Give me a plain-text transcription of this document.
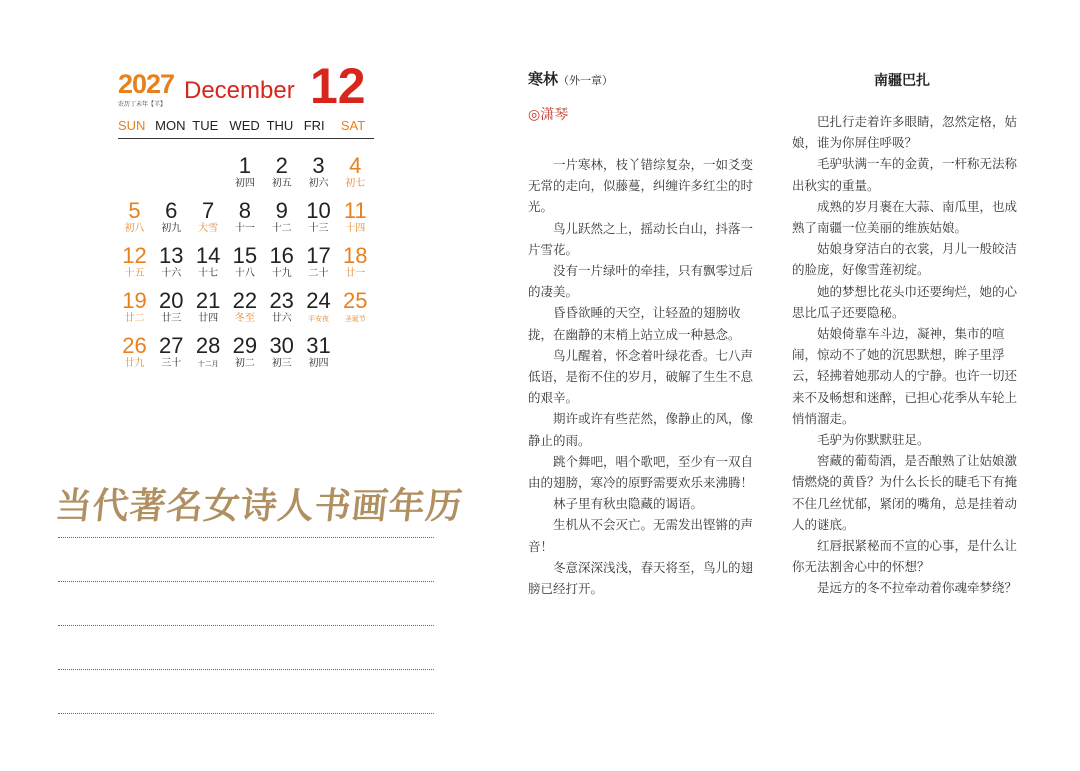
2027
农历丁未年【羊】
December 12
SUN MON TUE WED THU FRI	SAT
1
初四
2
初五
3
初六
4
初七
5
初八
6
初九
7
大雪
8
十一
9
十二
10
十三
11
十四
12
十五
13
十六
14
十七
15
十八
16
十九
17
二十
18
廿一
19
廿二
20
廿三
21
廿四
22
冬至
23
廿六
24
平安夜
25
圣诞节
26
廿九
27
三十
28
十二月
29
初二
30
初三
31
初四
当代著名女诗人书画年历
寒林（外一章）
◎潇琴

一片寒林，枝丫错综复杂，一如爻变无常的走向，似藤蔓，纠缠许多红尘的时光。

鸟儿跃然之上，摇动长白山，抖落一片雪花。

没有一片绿叶的牵挂，只有飘零过后的凄美。

昏昏欲睡的天空，让轻盈的翅膀收拢，在幽静的末梢上站立成一种悬念。

鸟儿醒着，怀念着叶绿花香。七八声低语，是衔不住的岁月，破解了生生不息的艰辛。

期许或许有些茫然，像静止的风，像静止的雨。

跳个舞吧，唱个歌吧，至少有一双自由的翅膀，寒冷的原野需要欢乐来沸腾！

林子里有秋虫隐藏的谒语。

生机从不会灭亡。无需发出铿锵的声音！

冬意深深浅浅，春天将至，鸟儿的翅膀已经打开。

南疆巴扎

巴扎行走着许多眼睛，忽然定格，姑娘，谁为你屏住呼吸？

毛驴驮满一车的金黄，一杆称无法称出秋实的重量。

成熟的岁月裹在大蒜、南瓜里，也成熟了南疆一位美丽的维族姑娘。

姑娘身穿洁白的衣裳，月儿一般皎洁的脸庞，好像雪莲初绽。

她的梦想比花头巾还要绚烂，她的心思比瓜子还要隐秘。

姑娘倚靠车斗边，凝神，集市的喧闹，惊动不了她的沉思默想，眸子里浮云，轻拂着她那动人的宁静。也许一切还来不及畅想和迷醉，已担心花季从车轮上悄悄溜走。

毛驴为你默默驻足。

窖藏的葡萄酒，是否酿熟了让姑娘激情燃烧的黄昏？为什么长长的睫毛下有掩不住几丝忧郁，紧闭的嘴角，总是挂着动人的谜底。

红唇抿紧秘而不宣的心事，是什么让你无法割舍心中的怀想？

是远方的冬不拉牵动着你魂牵梦绕？
